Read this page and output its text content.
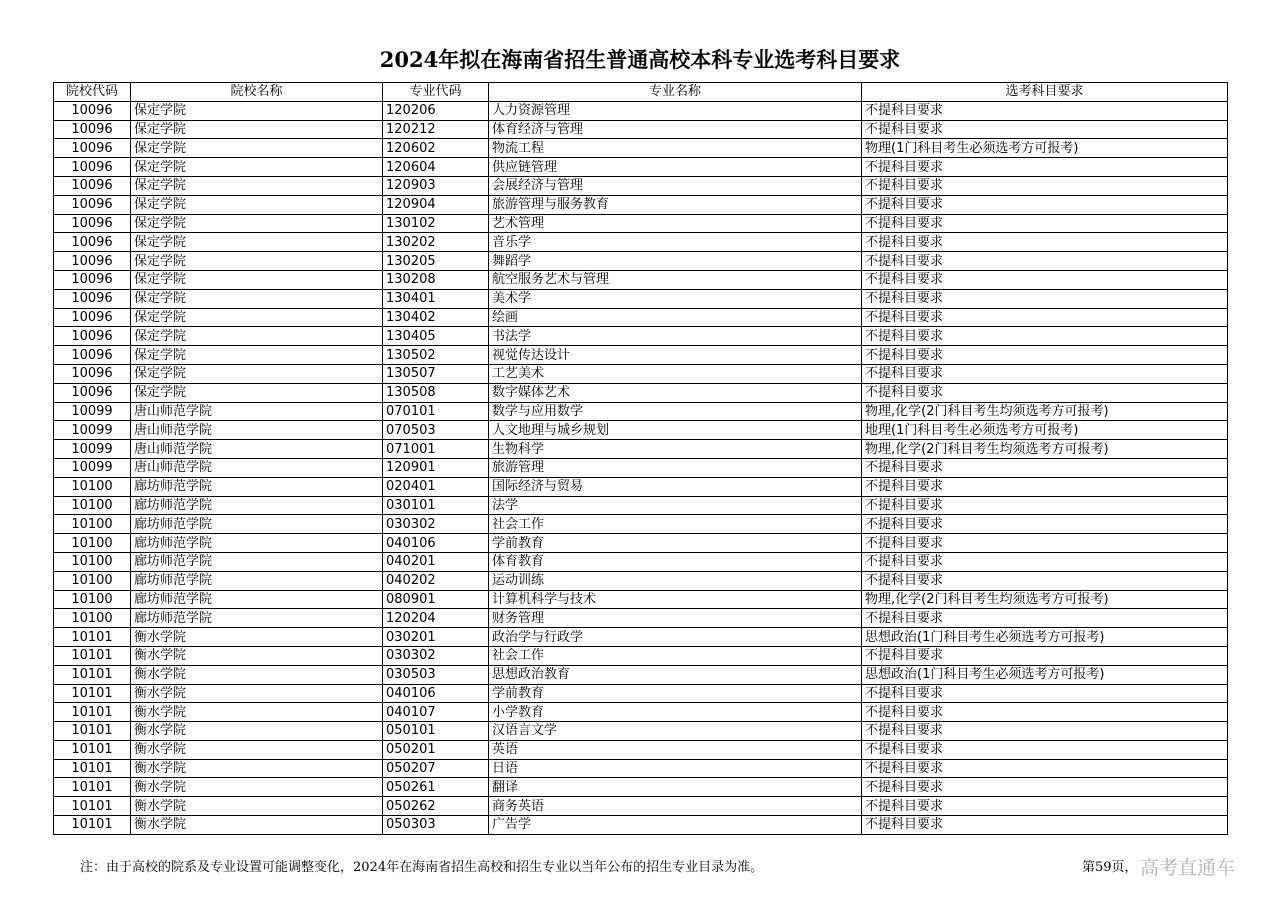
2024年拟在海南省招生普通高校本科专业选考科目要求
院校代码	院校名称	专业代码	专业名称	选考科目要求
10096	保定学院	120206	人力资源管理	不提科目要求
10096	保定学院	120212	体育经济与管理	不提科目要求
10096	保定学院	120602	物流工程	物理(1门科目考生必须选考方可报考)
10096	保定学院	120604	供应链管理	不提科目要求
10096	保定学院	120903	会展经济与管理	不提科目要求
10096	保定学院	120904	旅游管理与服务教育	不提科目要求
10096	保定学院	130102	艺术管理	不提科目要求
10096	保定学院	130202	音乐学	不提科目要求
10096	保定学院	130205	舞蹈学	不提科目要求
10096	保定学院	130208	航空服务艺术与管理	不提科目要求
10096	保定学院	130401	美术学	不提科目要求
10096	保定学院	130402	绘画	不提科目要求
10096	保定学院	130405	书法学	不提科目要求
10096	保定学院	130502	视觉传达设计	不提科目要求
10096	保定学院	130507	工艺美术	不提科目要求
10096	保定学院	130508	数字媒体艺术	不提科目要求
10099	唐山师范学院	070101	数学与应用数学	物理,化学(2门科目考生均须选考方可报考)
10099	唐山师范学院	070503	人文地理与城乡规划	地理(1门科目考生必须选考方可报考)
10099	唐山师范学院	071001	生物科学	物理,化学(2门科目考生均须选考方可报考)
10099	唐山师范学院	120901	旅游管理	不提科目要求
10100	廊坊师范学院	020401	国际经济与贸易	不提科目要求
10100	廊坊师范学院	030101	法学	不提科目要求
10100	廊坊师范学院	030302	社会工作	不提科目要求
10100	廊坊师范学院	040106	学前教育	不提科目要求
10100	廊坊师范学院	040201	体育教育	不提科目要求
10100	廊坊师范学院	040202	运动训练	不提科目要求
10100	廊坊师范学院	080901	计算机科学与技术	物理,化学(2门科目考生均须选考方可报考)
10100	廊坊师范学院	120204	财务管理	不提科目要求
10101	衡水学院	030201	政治学与行政学	思想政治(1门科目考生必须选考方可报考)
10101	衡水学院	030302	社会工作	不提科目要求
10101	衡水学院	030503	思想政治教育	思想政治(1门科目考生必须选考方可报考)
10101	衡水学院	040106	学前教育	不提科目要求
10101	衡水学院	040107	小学教育	不提科目要求
10101	衡水学院	050101	汉语言文学	不提科目要求
10101	衡水学院	050201	英语	不提科目要求
10101	衡水学院	050207	日语	不提科目要求
10101	衡水学院	050261	翻译	不提科目要求
10101	衡水学院	050262	商务英语	不提科目要求
10101	衡水学院	050303	广告学	不提科目要求
注：由于高校的院系及专业设置可能调整变化，2024年在海南省招生高校和招生专业以当年公布的招生专业目录为准。	第59页， 高考直通车
